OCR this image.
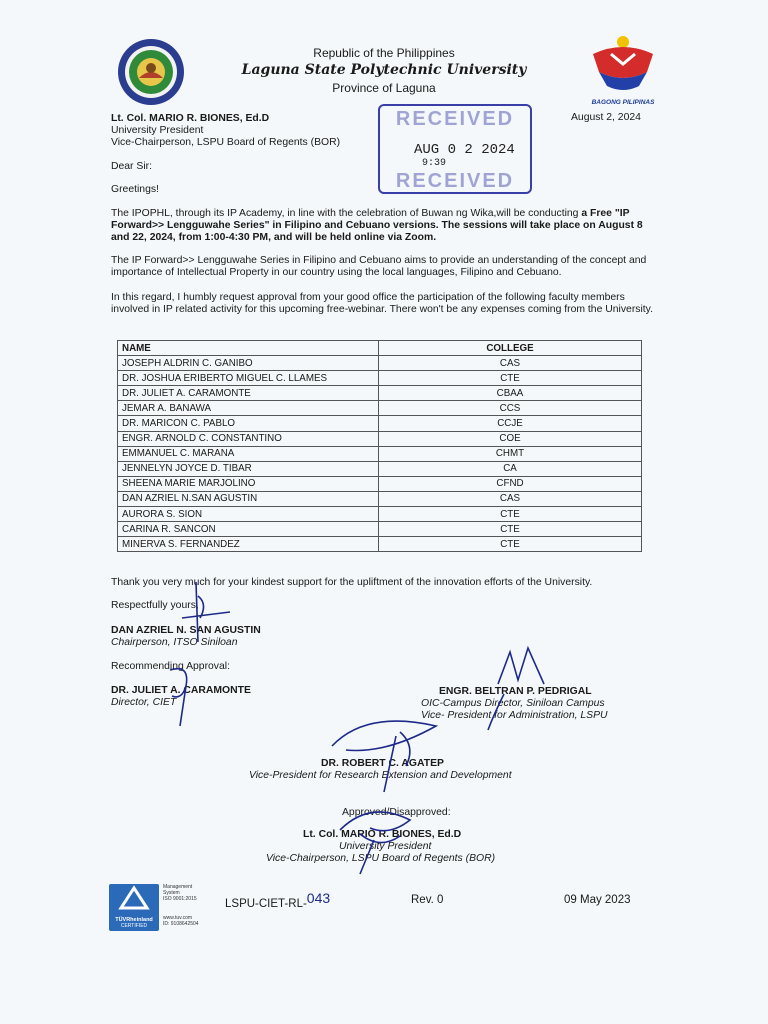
Republic of the Philippines
Laguna State Polytechnic University
Province of Laguna
BAGONG PILIPINAS
August 2, 2024
Lt. Col. MARIO R. BIONES, Ed.D
University President
Vice-Chairperson, LSPU Board of Regents (BOR)
RECEIVED
AUG 0 2 2024
9:39
RECEIVED
Dear Sir:
Greetings!
The IPOPHL, through its IP Academy, in line with the celebration of Buwan ng Wika,will be conducting a Free "IP Forward>> Lengguwahe Series" in Filipino and Cebuano versions. The sessions will take place on August 8 and 22, 2024, from 1:00-4:30 PM, and will be held online via Zoom.
The IP Forward>> Lengguwahe Series in Filipino and Cebuano aims to provide an understanding of the concept and importance of Intellectual Property in our country using the local languages, Filipino and Cebuano.
In this regard, I humbly request approval from your good office the participation of the following faculty members involved in IP related activity for this upcoming free-webinar. There won't be any expenses coming from the University.
NAME	COLLEGE
JOSEPH ALDRIN C. GANIBO	CAS
DR. JOSHUA ERIBERTO MIGUEL C. LLAMES	CTE
DR. JULIET A. CARAMONTE	CBAA
JEMAR A. BANAWA	CCS
DR. MARICON C. PABLO	CCJE
ENGR. ARNOLD C. CONSTANTINO	COE
EMMANUEL C. MARANA	CHMT
JENNELYN JOYCE D. TIBAR	CA
SHEENA MARIE MARJOLINO	CFND
DAN AZRIEL N.SAN AGUSTIN	CAS
AURORA S. SION	CTE
CARINA R. SANCON	CTE
MINERVA S. FERNANDEZ	CTE
Thank you very much for your kindest support for the upliftment of the innovation efforts of the University.
Respectfully yours,
DAN AZRIEL N. SAN AGUSTIN
Chairperson, ITSO Siniloan
Recommending Approval:
DR. JULIET A. CARAMONTE
Director, CIET
ENGR. BELTRAN P. PEDRIGAL
OIC-Campus Director, Siniloan Campus
Vice- President for Administration, LSPU
DR. ROBERT C. AGATEP
Vice-President for Research Extension and Development
Approved/Disapproved:
Lt. Col. MARIO R. BIONES, Ed.D
University President
Vice-Chairperson, LSPU Board of Regents (BOR)
TÜVRheinland
CERTIFIED
Management System
ISO 9001:2015
www.tuv.com
ID: 9108642504
LSPU-CIET-RL-043	Rev. 0	09 May 2023
